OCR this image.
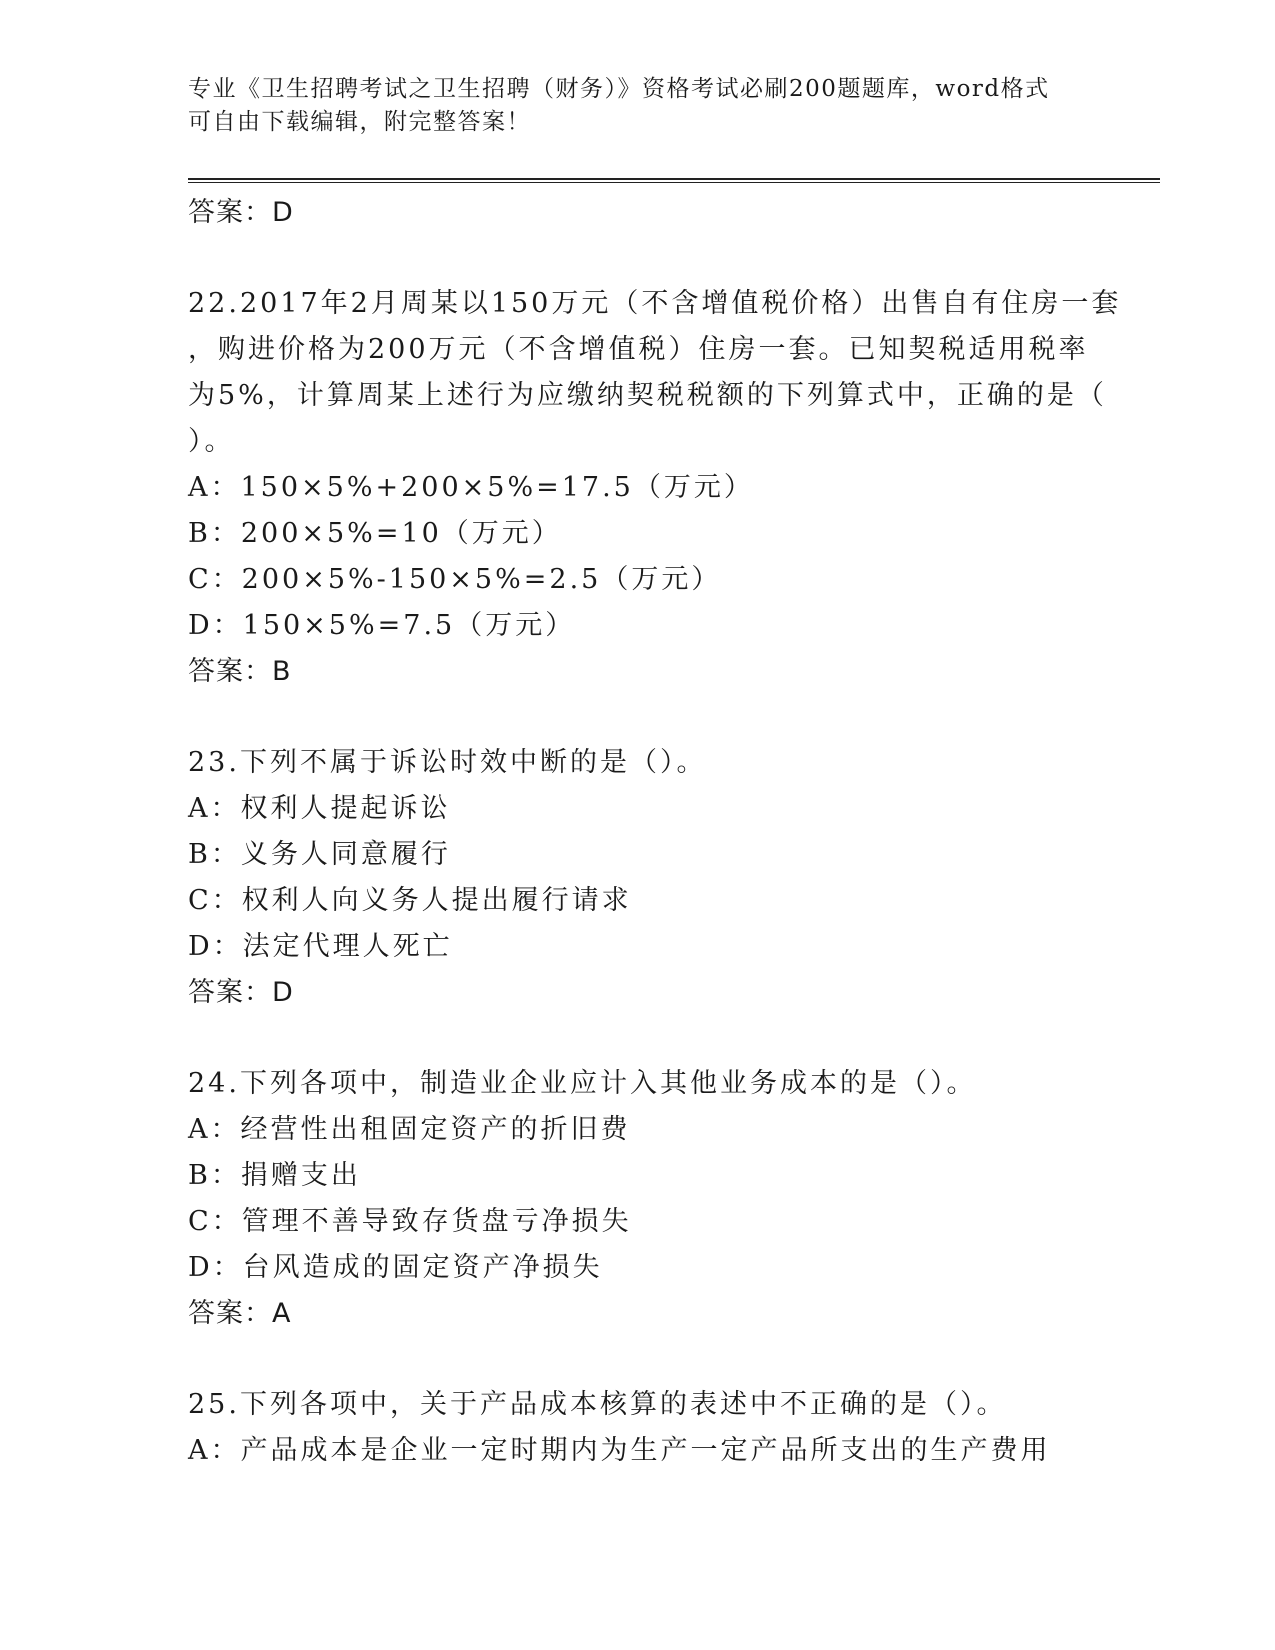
专业《卫生招聘考试之卫生招聘（财务）》资格考试必刷200题题库，word格式
可自由下载编辑，附完整答案！
答案：D
22.2017年2月周某以150万元（不含增值税价格）出售自有住房一套
，购进价格为200万元（不含增值税）住房一套。已知契税适用税率
为5%，计算周某上述行为应缴纳契税税额的下列算式中，正确的是（
）。
A：150×5%+200×5%=17.5（万元）
B：200×5%=10（万元）
C：200×5%-150×5%=2.5（万元）
D：150×5%=7.5（万元）
答案：B
23.下列不属于诉讼时效中断的是（）。
A：权利人提起诉讼
B：义务人同意履行
C：权利人向义务人提出履行请求
D：法定代理人死亡
答案：D
24.下列各项中，制造业企业应计入其他业务成本的是（）。
A：经营性出租固定资产的折旧费
B：捐赠支出
C：管理不善导致存货盘亏净损失
D：台风造成的固定资产净损失
答案：A
25.下列各项中，关于产品成本核算的表述中不正确的是（）。
A：产品成本是企业一定时期内为生产一定产品所支出的生产费用
